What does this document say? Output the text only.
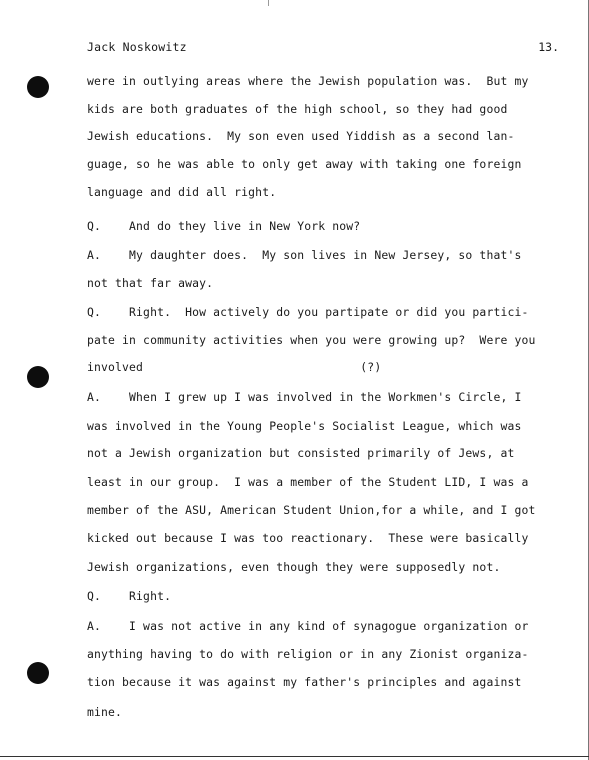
Jack Noskowitz	13.
were in outlying areas where the Jewish population was.  But my
kids are both graduates of the high school, so they had good
Jewish educations.  My son even used Yiddish as a second lan-
guage, so he was able to only get away with taking one foreign
language and did all right.
Q.    And do they live in New York now?
A.    My daughter does.  My son lives in New Jersey, so that's
not that far away.
Q.    Right.  How actively do you partipate or did you partici-
pate in community activities when you were growing up?  Were you
involved                               (?)
A.    When I grew up I was involved in the Workmen's Circle, I
was involved in the Young People's Socialist League, which was
not a Jewish organization but consisted primarily of Jews, at
least in our group.  I was a member of the Student LID, I was a
member of the ASU, American Student Union,for a while, and I got
kicked out because I was too reactionary.  These were basically
Jewish organizations, even though they were supposedly not.
Q.    Right.
A.    I was not active in any kind of synagogue organization or
anything having to do with religion or in any Zionist organiza-
tion because it was against my father's principles and against
mine.
